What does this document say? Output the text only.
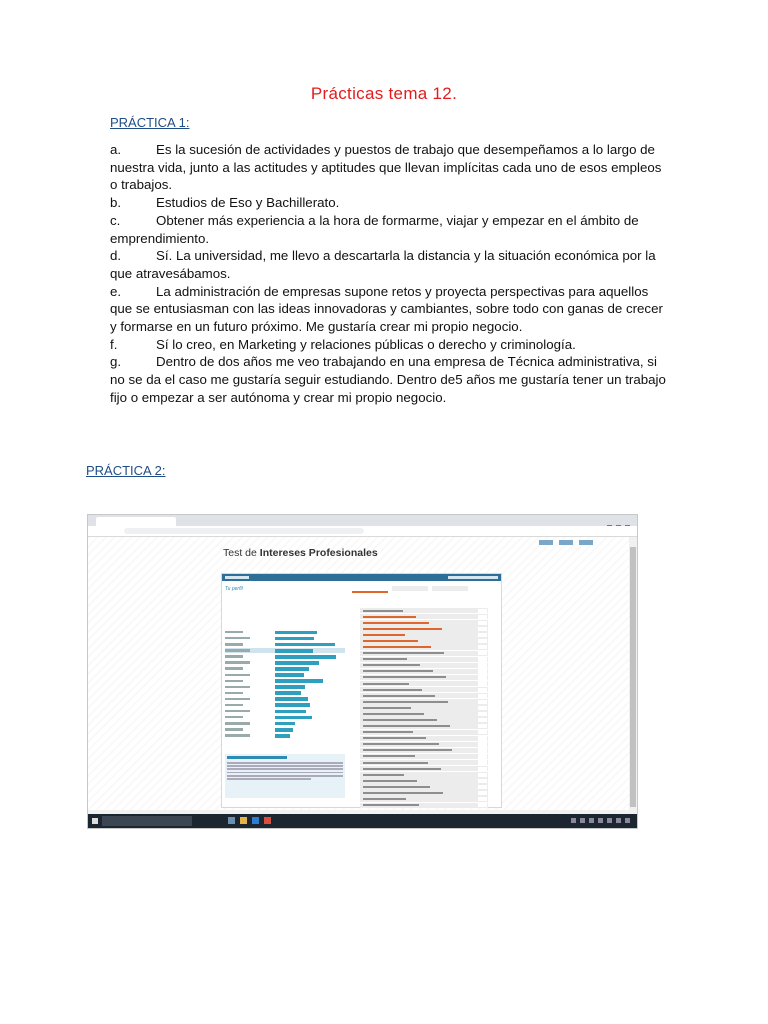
Prácticas tema 12.
PRÁCTICA 1:

a.	Es la sucesión de actividades y puestos de trabajo que desempeñamos a lo largo de nuestra vida, junto a las actitudes y aptitudes que llevan implícitas cada uno de esos empleos o trabajos.

b.	Estudios de Eso y Bachillerato.

c.	Obtener más experiencia a la hora de formarme, viajar y empezar en el ámbito de emprendimiento.

d.	Sí. La universidad, me llevo a descartarla la distancia y la situación económica por la que atravesábamos.

e.	La administración de empresas supone retos y proyecta perspectivas para aquellos que se entusiasman con las ideas innovadoras y cambiantes, sobre todo con ganas de crecer y formarse en un futuro próximo. Me gustaría crear mi propio negocio.

f.	Sí lo creo, en Marketing y relaciones públicas o derecho y criminología.

g.	Dentro de dos años me veo trabajando en una empresa de Técnica administrativa, si no se da el caso me gustaría seguir estudiando. Dentro de5 años me gustaría tener un trabajo fijo o empezar a ser autónoma y crear mi propio negocio.

PRÁCTICA 2:
Test de Intereses Profesionales
Tu perfil
